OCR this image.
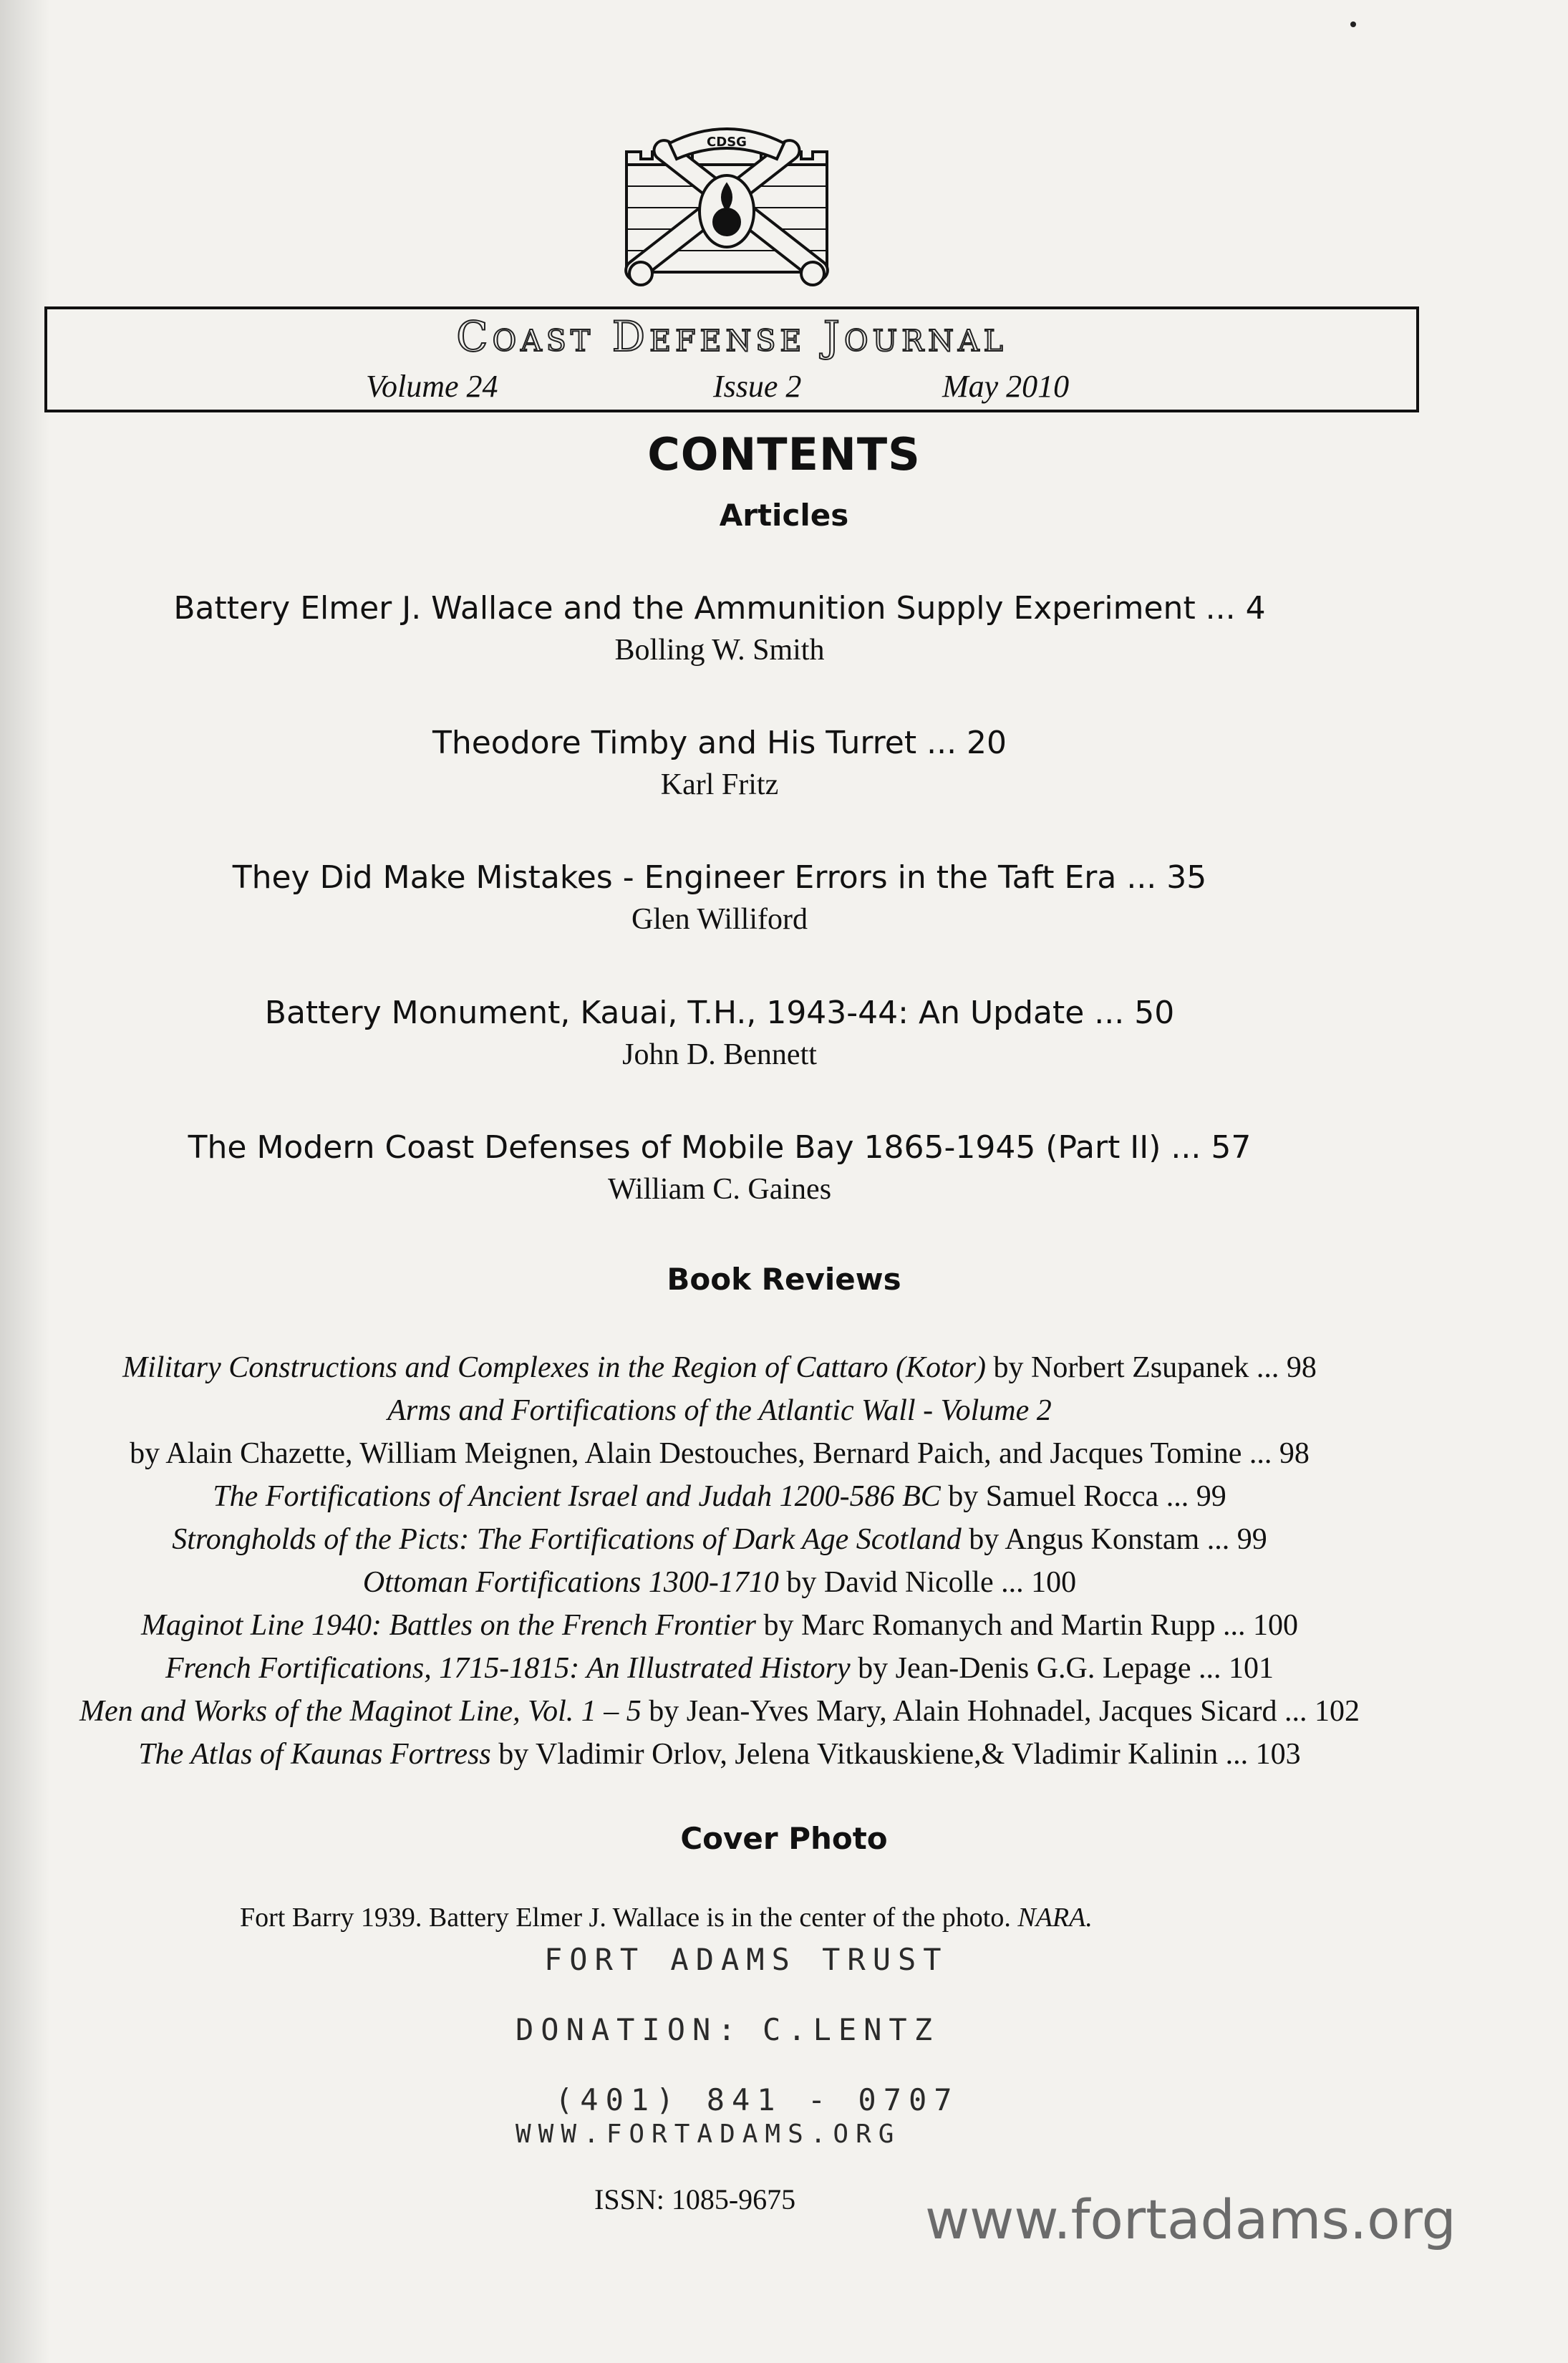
CDSG
Coast Defense Journal
Volume 24	Issue 2	May 2010
CONTENTS
Articles
Battery Elmer J. Wallace and the Ammunition Supply Experiment ... 4
Bolling W. Smith
Theodore Timby and His Turret ... 20
Karl Fritz
They Did Make Mistakes - Engineer Errors in the Taft Era ... 35
Glen Williford
Battery Monument, Kauai, T.H., 1943-44: An Update ... 50
John D. Bennett
The Modern Coast Defenses of Mobile Bay 1865-1945 (Part II) ... 57
William C. Gaines
Book Reviews
Military Constructions and Complexes in the Region of Cattaro (Kotor) by Norbert Zsupanek ... 98
Arms and Fortifications of the Atlantic Wall - Volume 2
by Alain Chazette, William Meignen, Alain Destouches, Bernard Paich, and Jacques Tomine ... 98
The Fortifications of Ancient Israel and Judah 1200-586 BC by Samuel Rocca ... 99
Strongholds of the Picts: The Fortifications of Dark Age Scotland by Angus Konstam ... 99
Ottoman Fortifications 1300-1710 by David Nicolle ... 100
Maginot Line 1940: Battles on the French Frontier by Marc Romanych and Martin Rupp ... 100
French Fortifications, 1715-1815: An Illustrated History by Jean-Denis G.G. Lepage ... 101
Men and Works of the Maginot Line, Vol. 1 – 5 by Jean-Yves Mary, Alain Hohnadel, Jacques Sicard ... 102
The Atlas of Kaunas Fortress by Vladimir Orlov, Jelena Vitkauskiene,& Vladimir Kalinin ... 103
Cover Photo
Fort Barry 1939. Battery Elmer J. Wallace is in the center of the photo. NARA.
FORT ADAMS TRUST
DONATION: C.LENTZ
(401) 841 - 0707
WWW.FORTADAMS.ORG
ISSN: 1085-9675 www.fortadams.org
